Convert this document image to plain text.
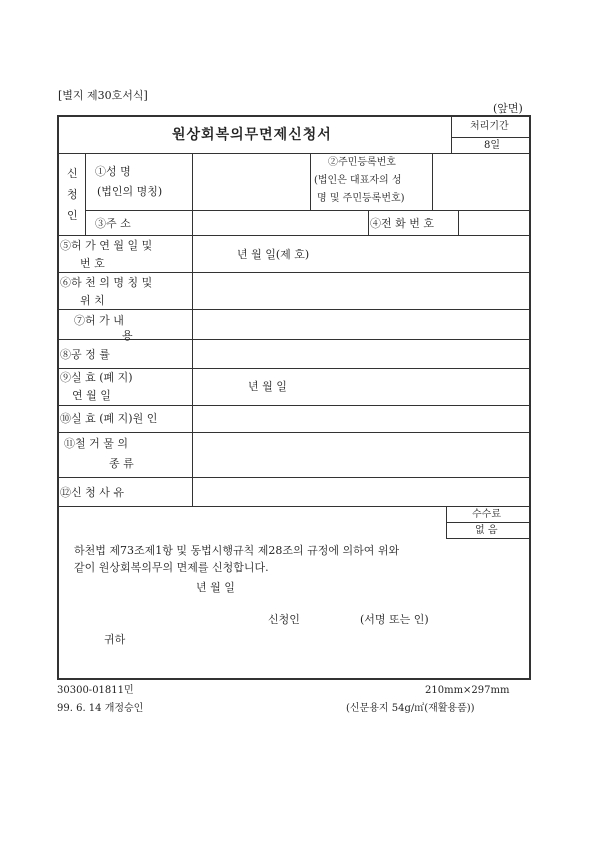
[별지 제30호서식]
(앞면)
원상회복의무면제신청서
처리기간
8일
신
청
인
①성 명
(법인의 명칭)
②주민등록번호
(법인은 대표자의 성
명 및 주민등록번호)
③주 소	④전 화 번 호
⑤허 가 연 월 일 및
번 호
년 월 일(제 호)
⑥하 천 의 명 칭 및
위 치
⑦허 가 내
용
⑧공 정 률
⑨실 효 (폐 지)
연 월 일
년 월 일
⑩실 효 (폐 지)원 인
⑪철 거 물 의
종 류
⑫신 청 사 유
수수료
없 음
하천법 제73조제1항 및 동법시행규칙 제28조의 규정에 의하여 위와
같이 원상회복의무의 면제를 신청합니다.
년 월 일
신청인	(서명 또는 인)
귀하
30300-01811민
99. 6. 14 개정승인
210mm×297mm
(신문용지 54g/㎡(재활용품))
